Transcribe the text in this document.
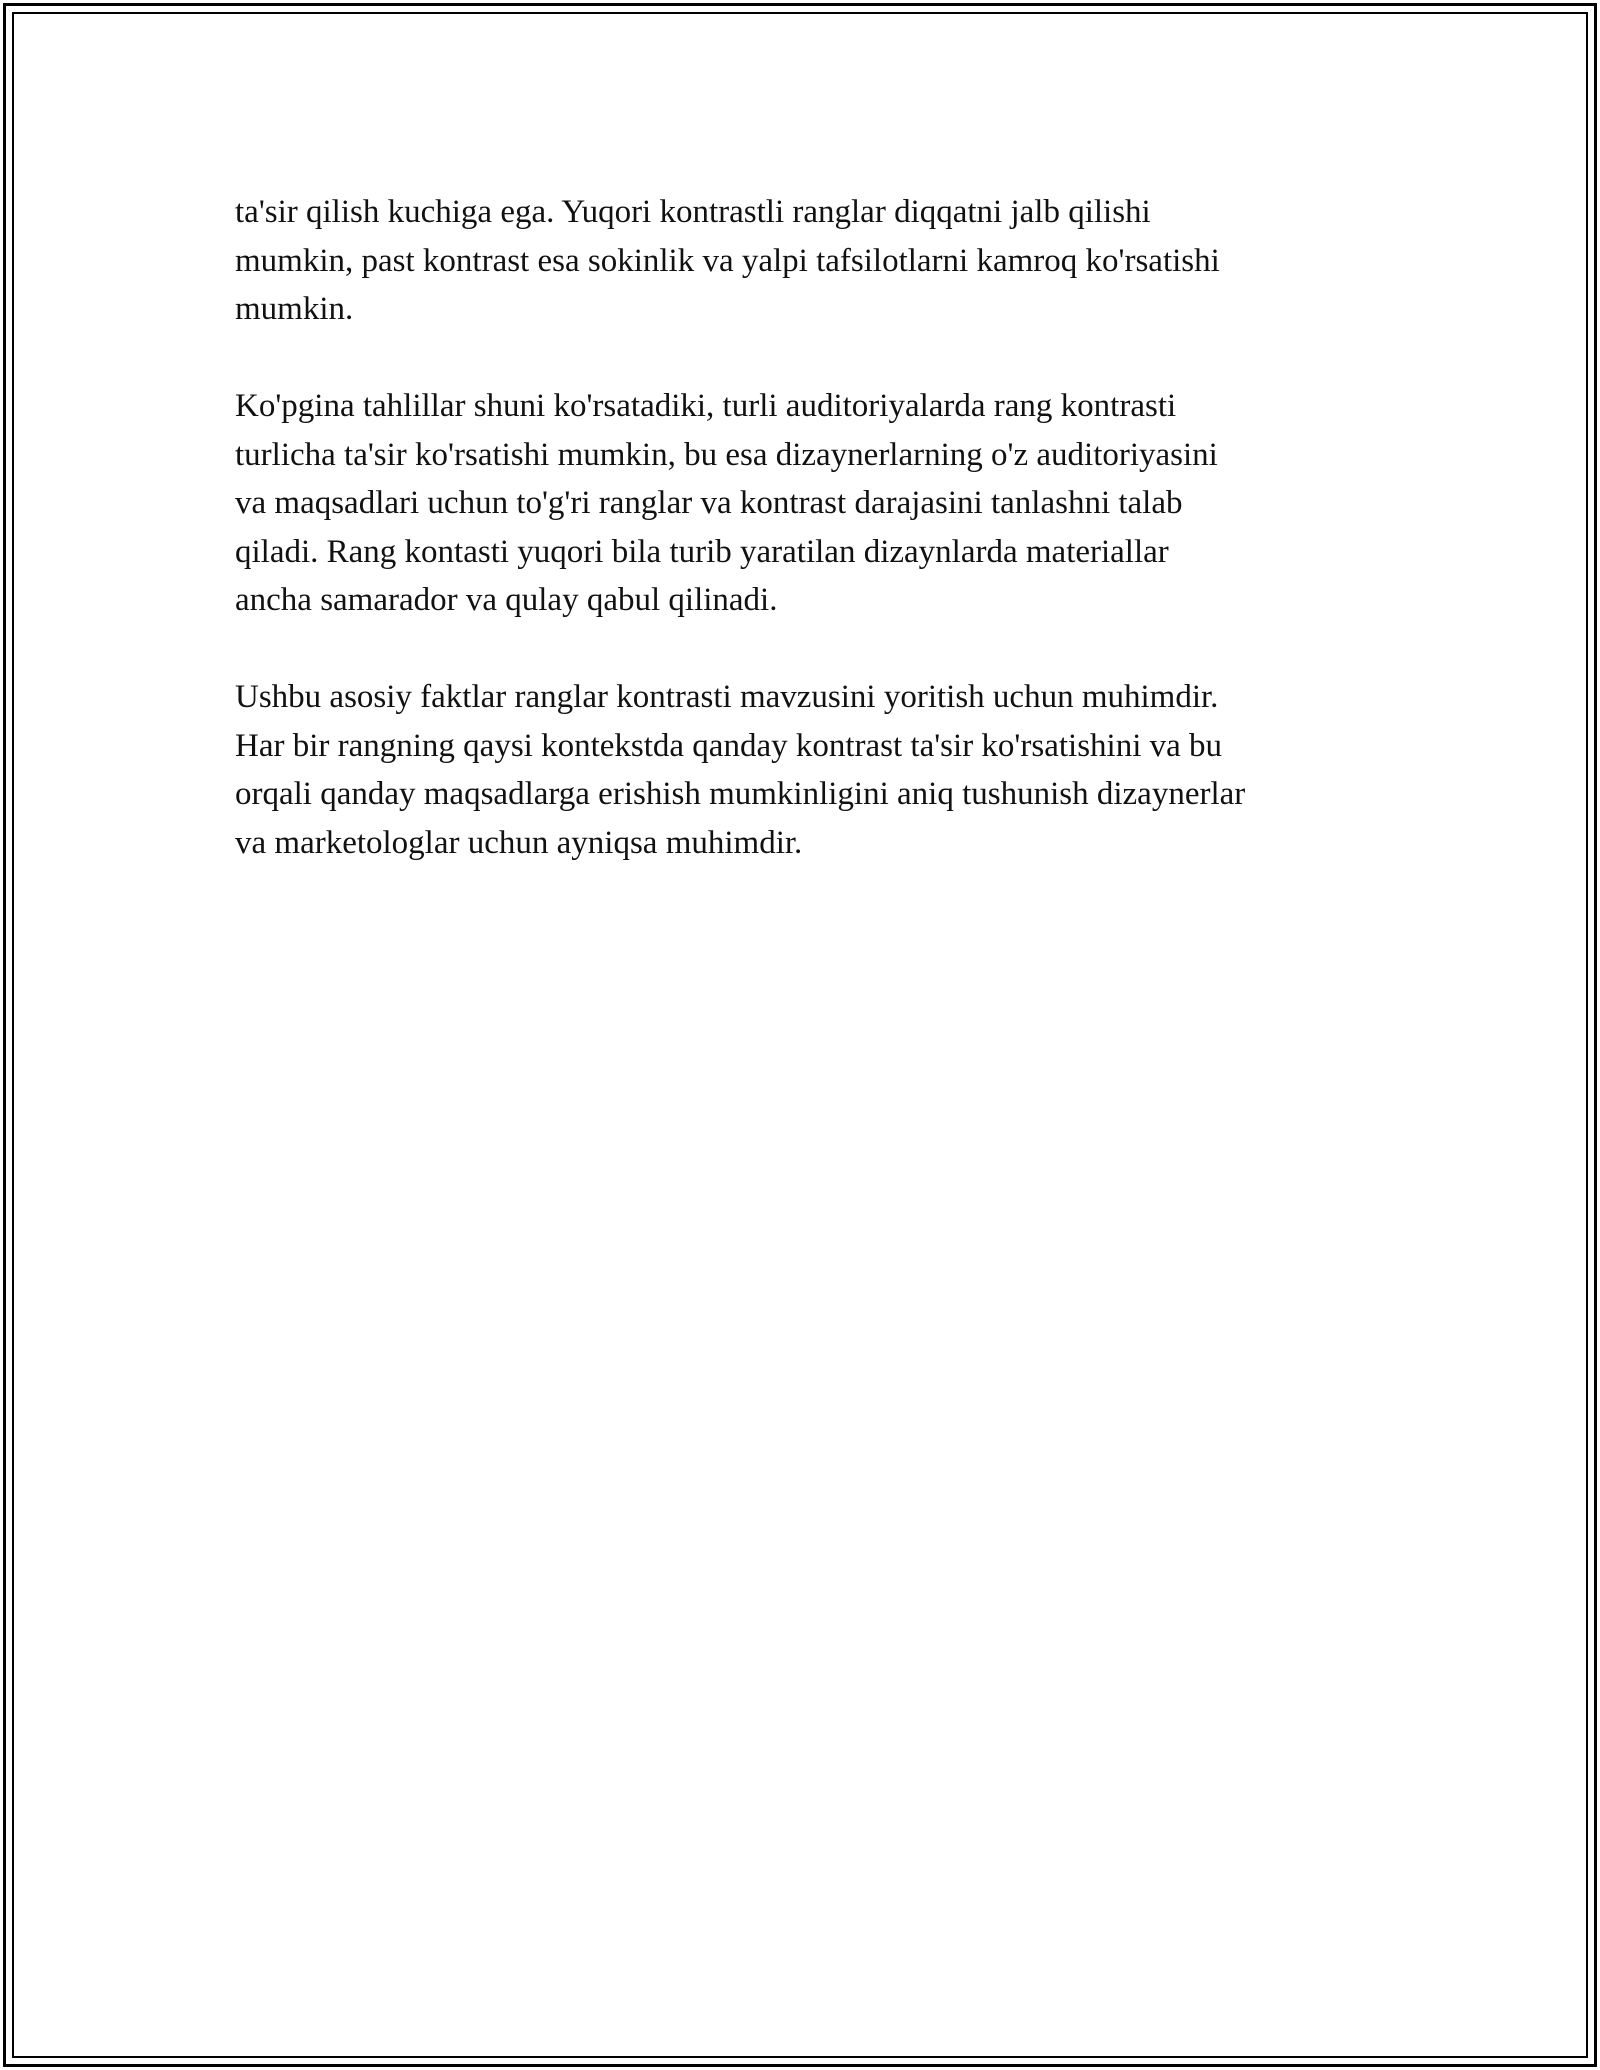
ta'sir qilish kuchiga ega. Yuqori kontrastli ranglar diqqatni jalb qilishi
mumkin, past kontrast esa sokinlik va yalpi tafsilotlarni kamroq ko'rsatishi
mumkin.

Ko'pgina tahlillar shuni ko'rsatadiki, turli auditoriyalarda rang kontrasti
turlicha ta'sir ko'rsatishi mumkin, bu esa dizaynerlarning o'z auditoriyasini
va maqsadlari uchun to'g'ri ranglar va kontrast darajasini tanlashni talab
qiladi. Rang kontasti yuqori bila turib yaratilan dizaynlarda materiallar
ancha samarador va qulay qabul qilinadi.

Ushbu asosiy faktlar ranglar kontrasti mavzusini yoritish uchun muhimdir.
Har bir rangning qaysi kontekstda qanday kontrast ta'sir ko'rsatishini va bu
orqali qanday maqsadlarga erishish mumkinligini aniq tushunish dizaynerlar
va marketologlar uchun ayniqsa muhimdir.
